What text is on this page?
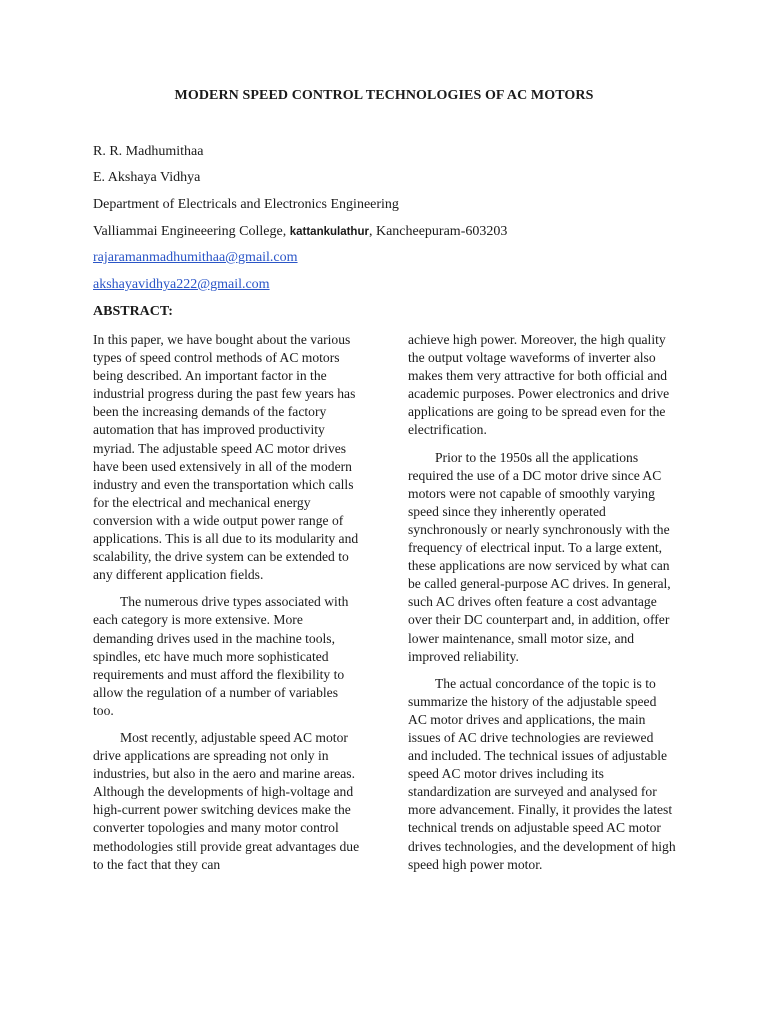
MODERN SPEED CONTROL TECHNOLOGIES OF AC MOTORS
R. R. Madhumithaa
E. Akshaya Vidhya
Department of Electricals and Electronics Engineering
Valliammai Engineeering College, kattankulathur, Kancheepuram-603203
rajaramanmadhumithaa@gmail.com
akshayavidhya222@gmail.com
ABSTRACT:

In this paper, we have bought about the various types of speed control methods of AC motors being described. An important factor in the industrial progress during the past few years has been the increasing demands of the factory automation that has improved productivity myriad. The adjustable speed AC motor drives have been used extensively in all of the modern industry and even the transportation which calls for the electrical and mechanical energy conversion with a wide output power range of applications. This is all due to its modularity and scalability, the drive system can be extended to any different application fields.

The numerous drive types associated with each category is more extensive. More demanding drives used in the machine tools, spindles, etc have much more sophisticated requirements and must afford the flexibility to allow the regulation of a number of variables too.

Most recently, adjustable speed AC motor drive applications are spreading not only in industries, but also in the aero and marine areas. Although the developments of high-voltage and high-current power switching devices make the converter topologies and many motor control methodologies still provide great advantages due to the fact that they can

achieve high power. Moreover, the high quality the output voltage waveforms of inverter also makes them very attractive for both official and academic purposes. Power electronics and drive applications are going to be spread even for the electrification.

Prior to the 1950s all the applications required the use of a DC motor drive since AC motors were not capable of smoothly varying speed since they inherently operated synchronously or nearly synchronously with the frequency of electrical input. To a large extent, these applications are now serviced by what can be called general-purpose AC drives. In general, such AC drives often feature a cost advantage over their DC counterpart and, in addition, offer lower maintenance, small motor size, and improved reliability.

The actual concordance of the topic is to summarize the history of the adjustable speed AC motor drives and applications, the main issues of AC drive technologies are reviewed and included. The technical issues of adjustable speed AC motor drives including its standardization are surveyed and analysed for more advancement. Finally, it provides the latest technical trends on adjustable speed AC motor drives technologies, and the development of high speed high power motor.
